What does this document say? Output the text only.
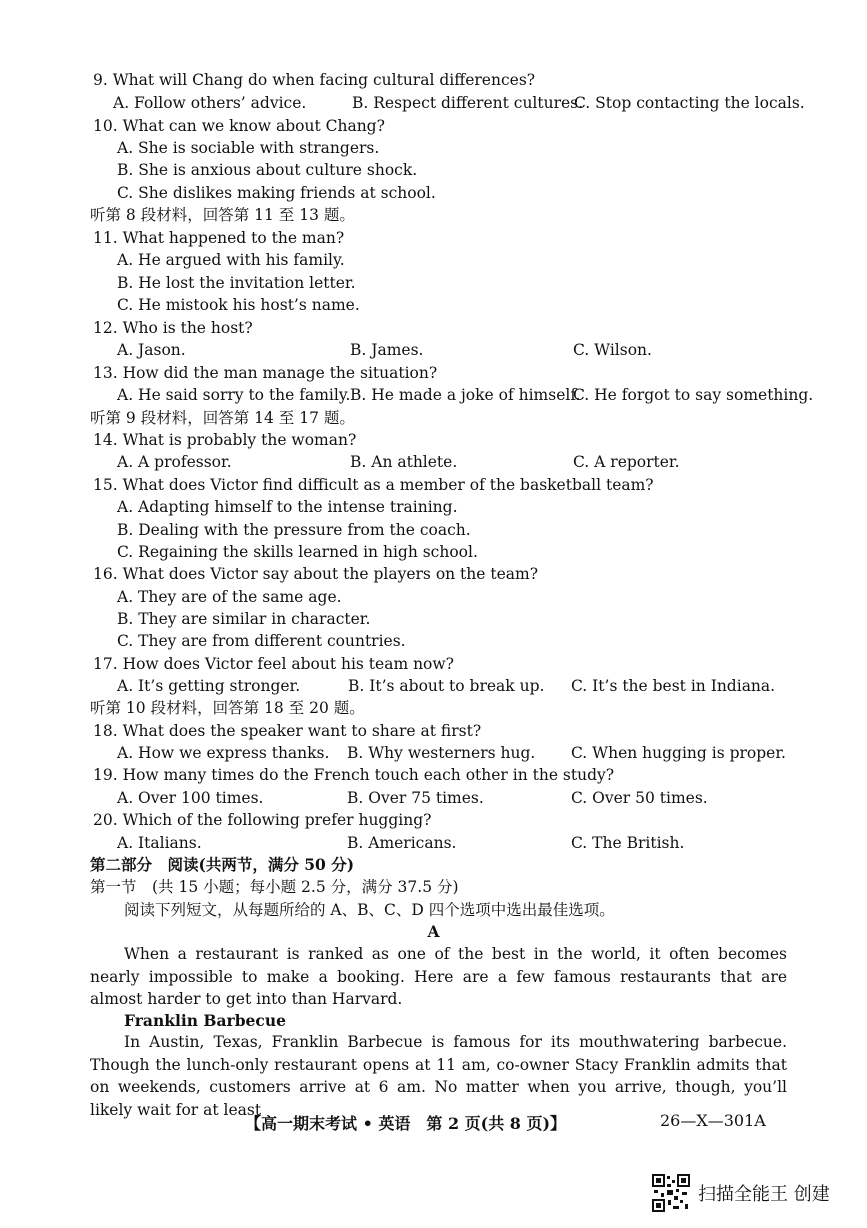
9. What will Chang do when facing cultural differences?
A. Follow others’ advice.	B. Respect different cultures.
C. Stop contacting the locals.
10. What can we know about Chang?
A. She is sociable with strangers.
B. She is anxious about culture shock.
C. She dislikes making friends at school.
听第 8 段材料，回答第 11 至 13 题。
11. What happened to the man?
A. He argued with his family.
B. He lost the invitation letter.
C. He mistook his host’s name.
12. Who is the host?
A. Jason.	B. James.	C. Wilson.
13. How did the man manage the situation?
A. He said sorry to the family. B. He made a joke of himself.
C. He forgot to say something.
听第 9 段材料，回答第 14 至 17 题。
14. What is probably the woman?
A. A professor.	B. An athlete.	C. A reporter.
15. What does Victor find difficult as a member of the basketball team?
A. Adapting himself to the intense training.
B. Dealing with the pressure from the coach.
C. Regaining the skills learned in high school.
16. What does Victor say about the players on the team?
A. They are of the same age.
B. They are similar in character.
C. They are from different countries.
17. How does Victor feel about his team now?
A. It’s getting stronger.	B. It’s about to break up. C. It’s the best in Indiana.
听第 10 段材料，回答第 18 至 20 题。
18. What does the speaker want to share at first?
A. How we express thanks. B. Why westerners hug. C. When hugging is proper.
19. How many times do the French touch each other in the study?
A. Over 100 times.	B. Over 75 times.	C. Over 50 times.
20. Which of the following prefer hugging?
A. Italians.	B. Americans.	C. The British.
第二部分　阅读(共两节，满分 50 分)
第一节　(共 15 小题；每小题 2.5 分，满分 37.5 分)
阅读下列短文，从每题所给的 A、B、C、D 四个选项中选出最佳选项。
A
When a restaurant is ranked as one of the best in the world, it often becomes nearly impossible to make a booking. Here are a few famous restaurants that are almost harder to get into than Harvard.
Franklin Barbecue
In Austin, Texas, Franklin Barbecue is famous for its mouthwatering barbecue. Though the lunch-only restaurant opens at 11 am, co-owner Stacy Franklin admits that on weekends, customers arrive at 6 am. No matter when you arrive, though, you’ll likely wait for at least
【高一期末考试 • 英语　第 2 页(共 8 页)】	26—X—301A
扫描全能王 创建
